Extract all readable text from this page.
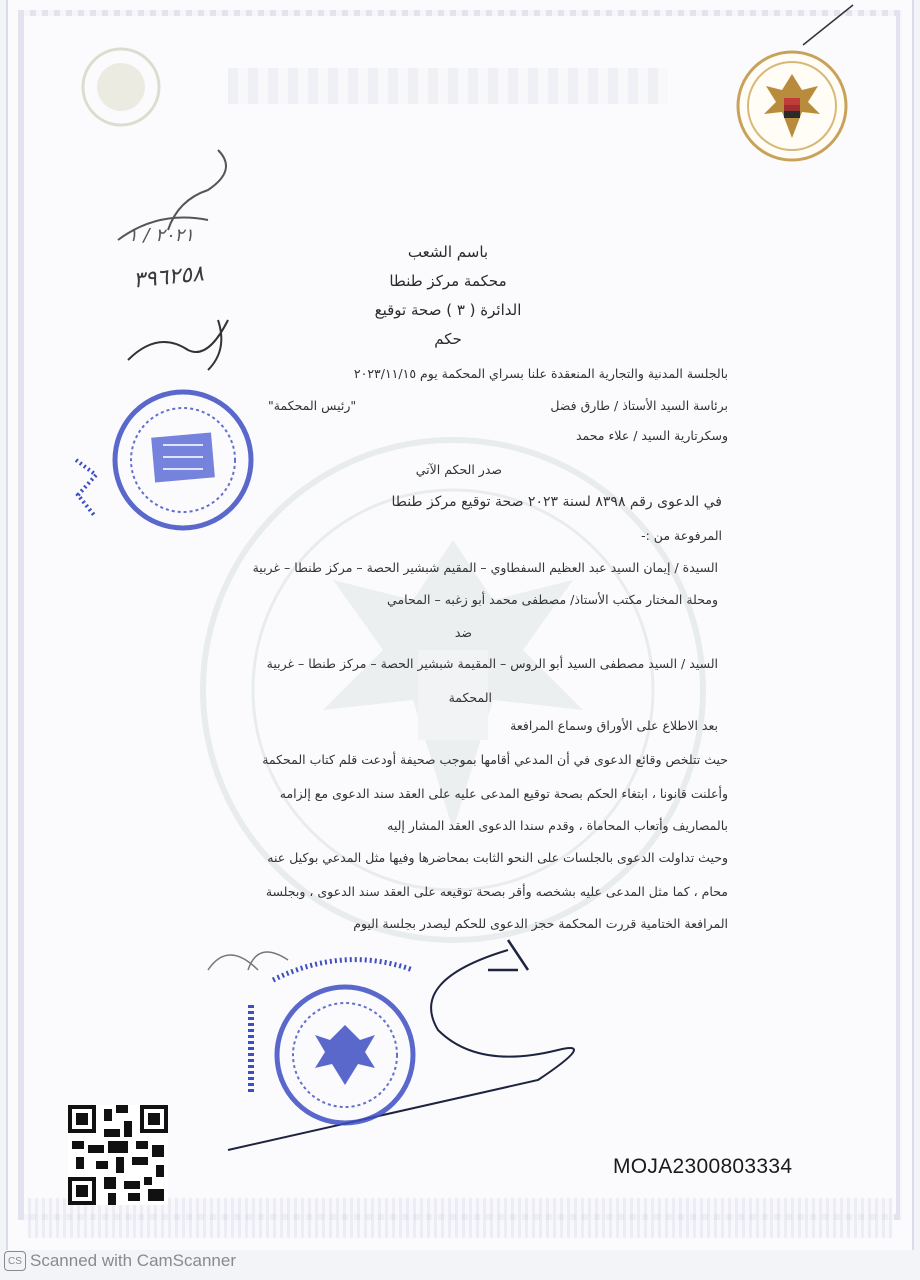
٢٠٢١ / ١
٣٩٦٢٥٨
باسم الشعب
محكمة مركز طنطا
الدائرة ( ٣ ) صحة توقيع
حكم
بالجلسة المدنية والتجارية المنعقدة علنا بسراي المحكمة يوم ٢٠٢٣/١١/١٥
برئاسة السيد الأستاذ / طارق فضل
"رئيس المحكمة"
وسكرتارية السيد / علاء محمد
صدر الحكم الآتي
في الدعوى رقم ٨٣٩٨ لسنة ٢٠٢٣ صحة توقيع مركز طنطا
المرفوعة من :-
السيدة / إيمان السيد عبد العظيم السفطاوي – المقيم شبشير الحصة – مركز طنطا – غربية
ومحلة المختار مكتب الأستاذ/ مصطفى محمد أبو زغبه – المحامي
ضد
السيد / السيد مصطفى السيد أبو الروس – المقيمة شبشير الحصة – مركز طنطا – غربية
المحكمة
بعد الاطلاع على الأوراق وسماع المرافعة
حيث تتلخص وقائع الدعوى في أن المدعي أقامها بموجب صحيفة أودعت قلم كتاب المحكمة
وأعلنت قانونا ، ابتغاء الحكم بصحة توقيع المدعى عليه على العقد سند الدعوى مع إلزامه
بالمصاريف وأتعاب المحاماة ، وقدم سندا الدعوى العقد المشار إليه
وحيث تداولت الدعوى بالجلسات على النحو الثابت بمحاضرها وفيها مثل المدعي بوكيل عنه
محام ، كما مثل المدعى عليه بشخصه وأقر بصحة توقيعه على العقد سند الدعوى ، وبجلسة
المرافعة الختامية قررت المحكمة حجز الدعوى للحكم ليصدر بجلسة اليوم
MOJA2300803334
CS Scanned with CamScanner
